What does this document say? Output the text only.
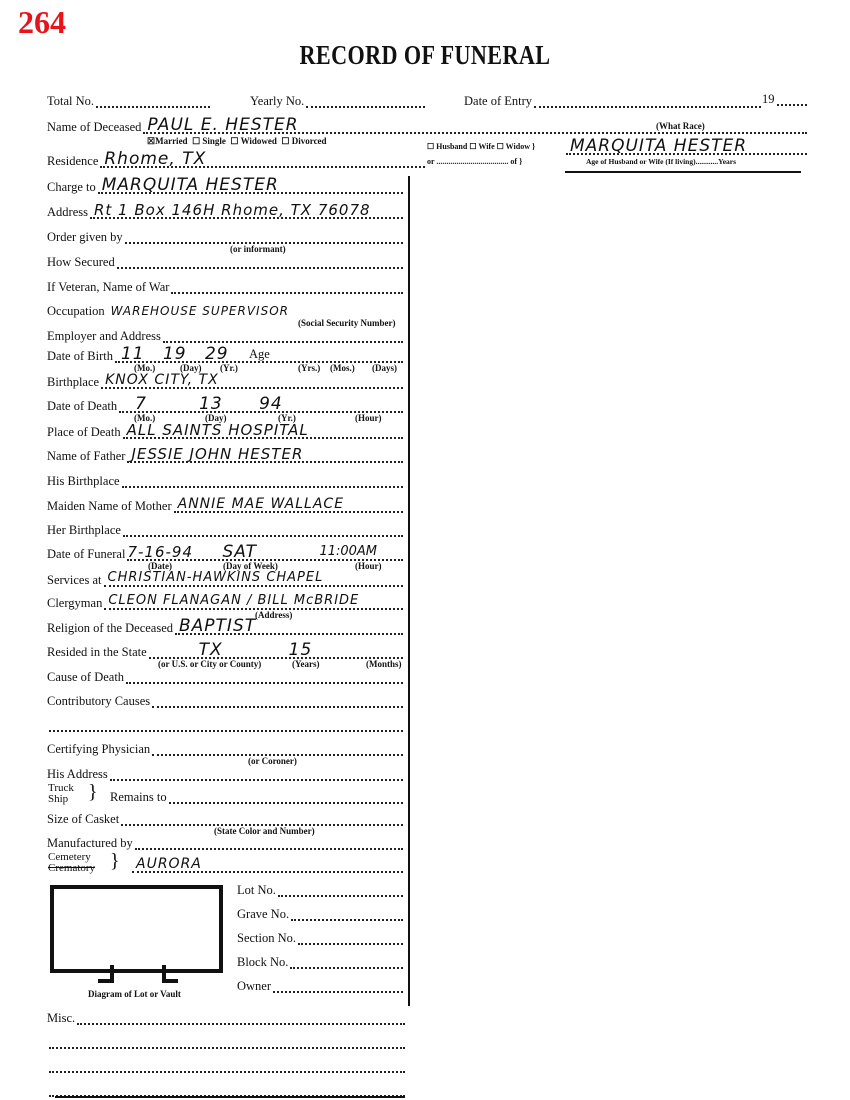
264
RECORD OF FUNERAL
Total No.	Yearly No.	Date of Entry	19
Name of Deceased PAUL E. HESTER
☒Married  ☐ Single  ☐ Widowed  ☐ Divorced
Residence Rhome, TX
☐ Husband ☐ Wife ☐ Widow }
(What Race)
MARQUITA HESTER
or .................................... of }	Age of Husband or Wife (If living)............Years
Charge to MARQUITA HESTER
Address Rt 1 Box 146H Rhome, TX 76078
Order given by
(or informant)
How Secured
If Veteran, Name of War
Occupation WAREHOUSE SUPERVISOR
(Social Security Number)
Employer and Address
Date of Birth 11 19 29 Age
(Mo.)	(Day) (Yr.)	(Yrs.) (Mos.) (Days)
Birthplace KNOX CITY, TX
Date of Death 7	13 94
(Mo.)	(Day)	(Yr.)	(Hour)
Place of Death ALL SAINTS HOSPITAL
Name of Father JESSIE JOHN HESTER
His Birthplace
Maiden Name of Mother ANNIE MAE WALLACE
Her Birthplace
Date of Funeral 7-16-94 SAT	11:00AM
(Date)	(Day of Week)	(Hour)
Services at CHRISTIAN-HAWKINS CHAPEL
Clergyman CLEON FLANAGAN / BILL McBRIDE
(Address)
Religion of the Deceased BAPTIST
Resided in the State	TX	15
(or U.S. or City or County)	(Years)	(Months)
Cause of Death
Contributory Causes
Certifying Physician
(or Coroner)
His Address
Truck
Ship } Remains to
Size of Casket
(State Color and Number)
Manufactured by
Cemetery
Crematory } AURORA
Diagram of Lot or Vault
Lot No.
Grave No.
Section No.
Block No.
Owner
Misc.
